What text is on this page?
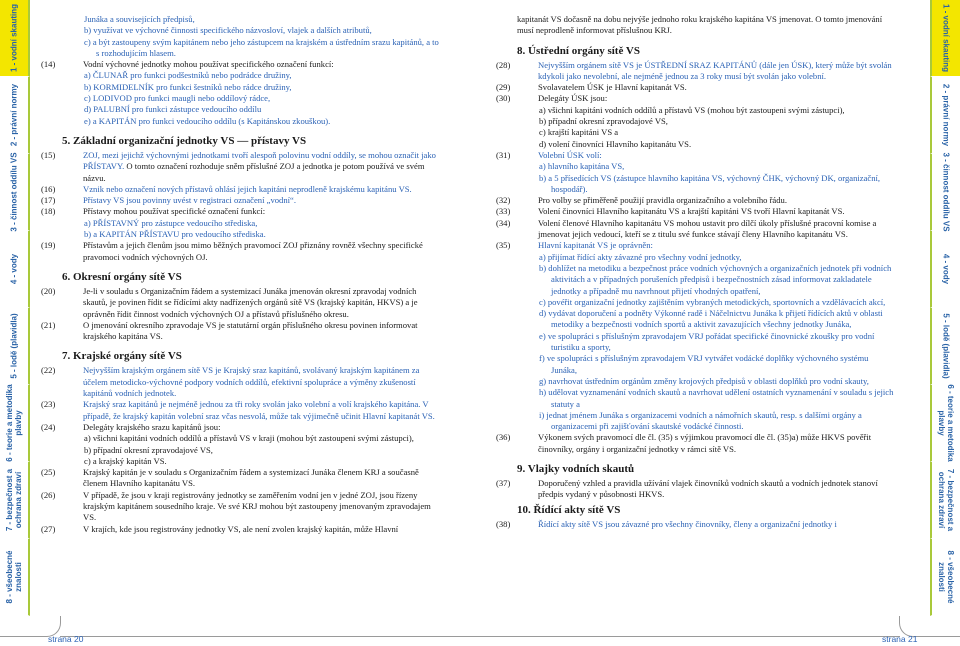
1 - vodní skauting
2 - právní normy
3 - činnost oddílu VS
4 - vody
5 - lodě (plavidla)
6 - teorie a metodika plavby
7 - bezpečnost a ochrana zdraví
8 - všeobecné znalosti
1 - vodní skauting
2 - právní normy
3 - činnost oddílu VS
4 - vody
5 - lodě (plavidla)
6 - teorie a metodika plavby
7 - bezpečnost a ochrana zdraví
8 - všeobecné znalosti
Junáka a souvisejících předpisů,
b) využívat ve výchovné činnosti specifického názvosloví, vlajek a dalších atributů,
c) a být zastoupeny svým kapitánem nebo jeho zástupcem na krajském a ústředním srazu kapitánů, a to s rozhodujícím hlasem.
(14)	Vodní výchovné jednotky mohou používat specifického označení funkcí:
a) ČLUNAŘ pro funkci podšestníků nebo podrádce družiny,
b) KORMIDELNÍK pro funkci šestníků nebo rádce družiny,
c) LODIVOD pro funkci maugli nebo oddílový rádce,
d) PALUBNÍ pro funkci zástupce vedoucího oddílu
e) a KAPITÁN pro funkci vedoucího oddílu (s Kapitánskou zkouškou).
5. Základní organizační jednotky VS — přístavy VS
(15)	ZOJ, mezi jejichž výchovnými jednotkami tvoří alespoň polovinu vodní oddíly, se mohou označit jako PŘÍSTAVY. O tomto označení rozhoduje sněm příslušné ZOJ a jednotka je potom používá ve svém názvu.
(16)	Vznik nebo označení nových přístavů ohlásí jejich kapitáni neprodleně krajskému kapitánu VS.
(17)	Přístavy VS jsou povinny uvést v registraci označení „vodní“.
(18)	Přístavy mohou používat specifické označení funkcí:
a) PŘÍSTAVNÝ pro zástupce vedoucího střediska,
b) a KAPITÁN PŘÍSTAVU pro vedoucího střediska.
(19)	Přístavům a jejich členům jsou mimo běžných pravomocí ZOJ přiznány rovněž všechny specifické pravomoci vodních výchovných OJ.
6. Okresní orgány sítě VS
(20)	Je-li v souladu s Organizačním řádem a systemizací Junáka jmenován okresní zpravodaj vodních skautů, je povinen řídit se řídícími akty nadřízených orgánů sítě VS (krajský kapitán, HKVS) a je oprávněn řídit činnost vodních výchovných OJ a přístavů příslušného okresu.
(21)	O jmenování okresního zpravodaje VS je statutární orgán příslušného okresu povinen informovat krajského kapitána VS.
7. Krajské orgány sítě VS
(22)	Nejvyšším krajským orgánem sítě VS je Krajský sraz kapitánů, svolávaný krajským kapitánem za účelem metodicko-výchovné podpory vodních oddílů, efektivní spolupráce a výměny zkušeností kapitánů vodních jednotek.
(23)	Krajský sraz kapitánů je nejméně jednou za tři roky svolán jako volební a volí krajského kapitána. V případě, že krajský kapitán volební sraz včas nesvolá, může tak výjimečně učinit Hlavní kapitanát VS.
(24)	Delegáty krajského srazu kapitánů jsou:
a) všichni kapitáni vodních oddílů a přístavů VS v kraji (mohou být zastoupeni svými zástupci),
b) případní okresní zpravodajové VS,
c) a krajský kapitán VS.
(25)	Krajský kapitán je v souladu s Organizačním řádem a systemizací Junáka členem KRJ a současně členem Hlavního kapitanátu VS.
(26)	V případě, že jsou v kraji registrovány jednotky se zaměřením vodní jen v jedné ZOJ, jsou řízeny krajským kapitánem sousedního kraje. Ve své KRJ mohou být zastoupeny jmenovaným zpravodajem VS.
(27)	V krajích, kde jsou registrovány jednotky VS, ale není zvolen krajský kapitán, může Hlavní
kapitanát VS dočasně na dobu nejvýše jednoho roku krajského kapitána VS jmenovat. O tomto jmenování musí neprodleně informovat příslušnou KRJ.
8. Ústřední orgány sítě VS
(28)	Nejvyšším orgánem sítě VS je ÚSTŘEDNÍ SRAZ KAPITÁNŮ (dále jen ÚSK), který může být svolán kdykoli jako nevolební, ale nejméně jednou za 3 roky musí být svolán jako volební.
(29)	Svolavatelem ÚSK je Hlavní kapitanát VS.
(30)	Delegáty ÚSK jsou:
a) všichni kapitáni vodních oddílů a přístavů VS (mohou být zastoupeni svými zástupci),
b) případní okresní zpravodajové VS,
c) krajští kapitáni VS a
d) volení činovníci Hlavního kapitanátu VS.
(31)	Volební ÚSK volí:
a) hlavního kapitána VS,
b) a 5 přísedících VS (zástupce hlavního kapitána VS, výchovný ČHK, výchovný DK, organizační, hospodář).
(32)	Pro volby se přiměřeně použijí pravidla organizačního a volebního řádu.
(33)	Volení činovníci Hlavního kapitanátu VS a krajští kapitáni VS tvoří Hlavní kapitanát VS.
(34)	Volení členové Hlavního kapitanátu VS mohou ustavit pro dílčí úkoly příslušné pracovní komise a jmenovat jejich vedoucí, kteří se z titulu své funkce stávají členy Hlavního kapitanátu VS.
(35)	Hlavní kapitanát VS je oprávněn:
a) přijímat řídící akty závazné pro všechny vodní jednotky,
b) dohlížet na metodiku a bezpečnost práce vodních výchovných a organizačních jednotek při vodních aktivitách a v případných porušeních předpisů i bezpečnostních zásad informovat zakladatele jednotky a případně mu navrhnout přijetí vhodných opatření,
c) povéřit organizační jednotky zajištěním vybraných metodických, sportovních a vzdělávacích akcí,
d) vydávat doporučení a podněty Výkonné radě i Náčelnictvu Junáka k přijetí řídících aktů v oblasti metodiky a bezpečnosti vodních sportů a aktivit zavazujících všechny jednotky Junáka,
e) ve spolupráci s příslušným zpravodajem VRJ pořádat specifické činovnické zkoušky pro vodní turistiku a sporty,
f) ve spolupráci s příslušným zpravodajem VRJ vytvářet vodácké doplňky výchovného systému Junáka,
g) navrhovat ústředním orgánům změny krojových předpisů v oblasti doplňků pro vodní skauty,
h) udělovat vyznamenání vodních skautů a navrhovat udělení ostatních vyznamenání v souladu s jejich statuty a
i) jednat jménem Junáka s organizacemi vodních a námořních skautů, resp. s dalšími orgány a organizacemi při zajišťování skautské vodácké činnosti.
(36)	Výkonem svých pravomocí dle čl. (35) s výjimkou pravomocí dle čl. (35)a) může HKVS pověřit činovníky, orgány i organizační jednotky v rámci sítě VS.
9. Vlajky vodních skautů
(37)	Doporučený vzhled a pravidla užívání vlajek činovníků vodních skautů a vodních jednotek stanoví předpis vydaný v působnosti HKVS.
10. Řídící akty sítě VS
(38)	Řídící akty sítě VS jsou závazné pro všechny činovníky, členy a organizační jednotky i
strana 20	strana 21
